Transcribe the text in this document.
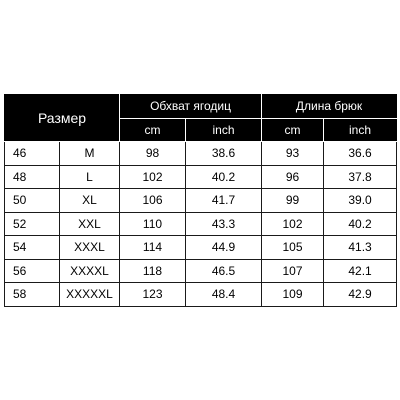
Размер		Обхват ягодиц		Длина брюк	
		cm	inch	cm	inch
46	M	98	38.6	93	36.6
48	L	102	40.2	96	37.8
50	XL	106	41.7	99	39.0
52	XXL	110	43.3	102	40.2
54	XXXL	114	44.9	105	41.3
56	XXXXL	118	46.5	107	42.1
58	XXXXXL	123	48.4	109	42.9
